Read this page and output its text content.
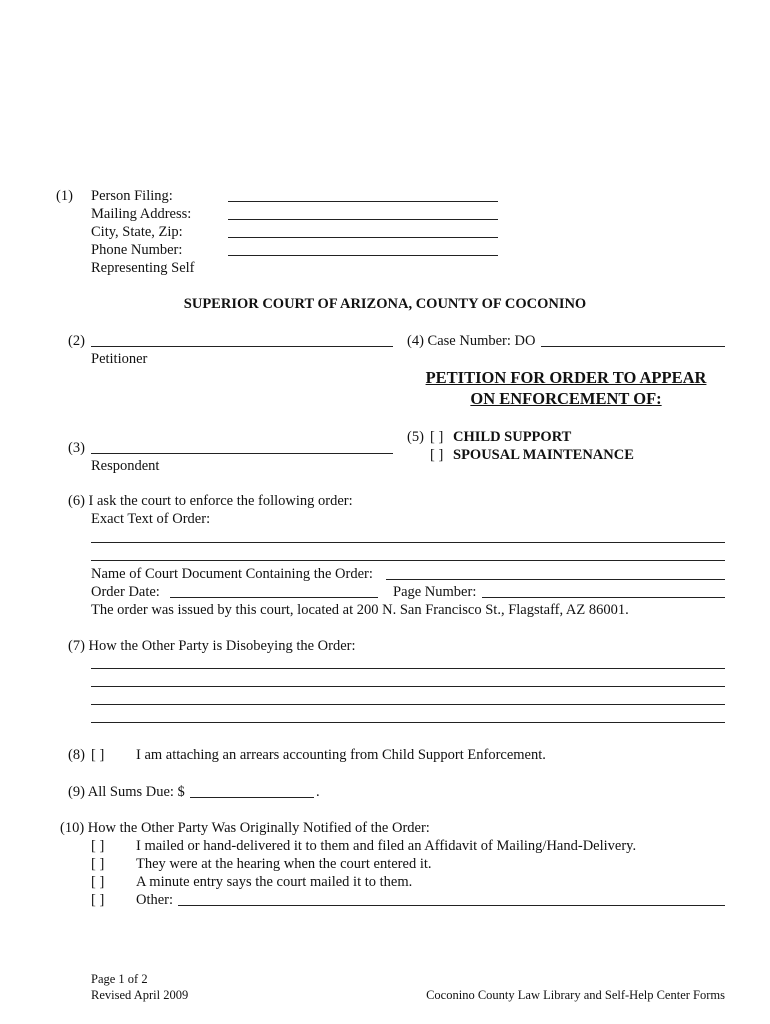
(1) Person Filing:
Mailing Address:
City, State, Zip:
Phone Number:
Representing Self
SUPERIOR COURT OF ARIZONA, COUNTY OF COCONINO
(2)
Petitioner
(4) Case Number: DO
PETITION FOR ORDER TO APPEAR
ON ENFORCEMENT OF:
(3)
Respondent
(5) [ ] CHILD SUPPORT
[ ] SPOUSAL MAINTENANCE
(6) I ask the court to enforce the following order:
Exact Text of Order:
Name of Court Document Containing the Order:
Order Date:	Page Number:
The order was issued by this court, located at 200 N. San Francisco St., Flagstaff, AZ 86001.
(7) How the Other Party is Disobeying the Order:
(8) [ ] I am attaching an arrears accounting from Child Support Enforcement.
(9) All Sums Due: $	.
(10) How the Other Party Was Originally Notified of the Order:
[ ] I mailed or hand-delivered it to them and filed an Affidavit of Mailing/Hand-Delivery.
[ ] They were at the hearing when the court entered it.
[ ] A minute entry says the court mailed it to them.
[ ] Other:
Page 1 of 2
Revised April 2009	Coconino County Law Library and Self-Help Center Forms
